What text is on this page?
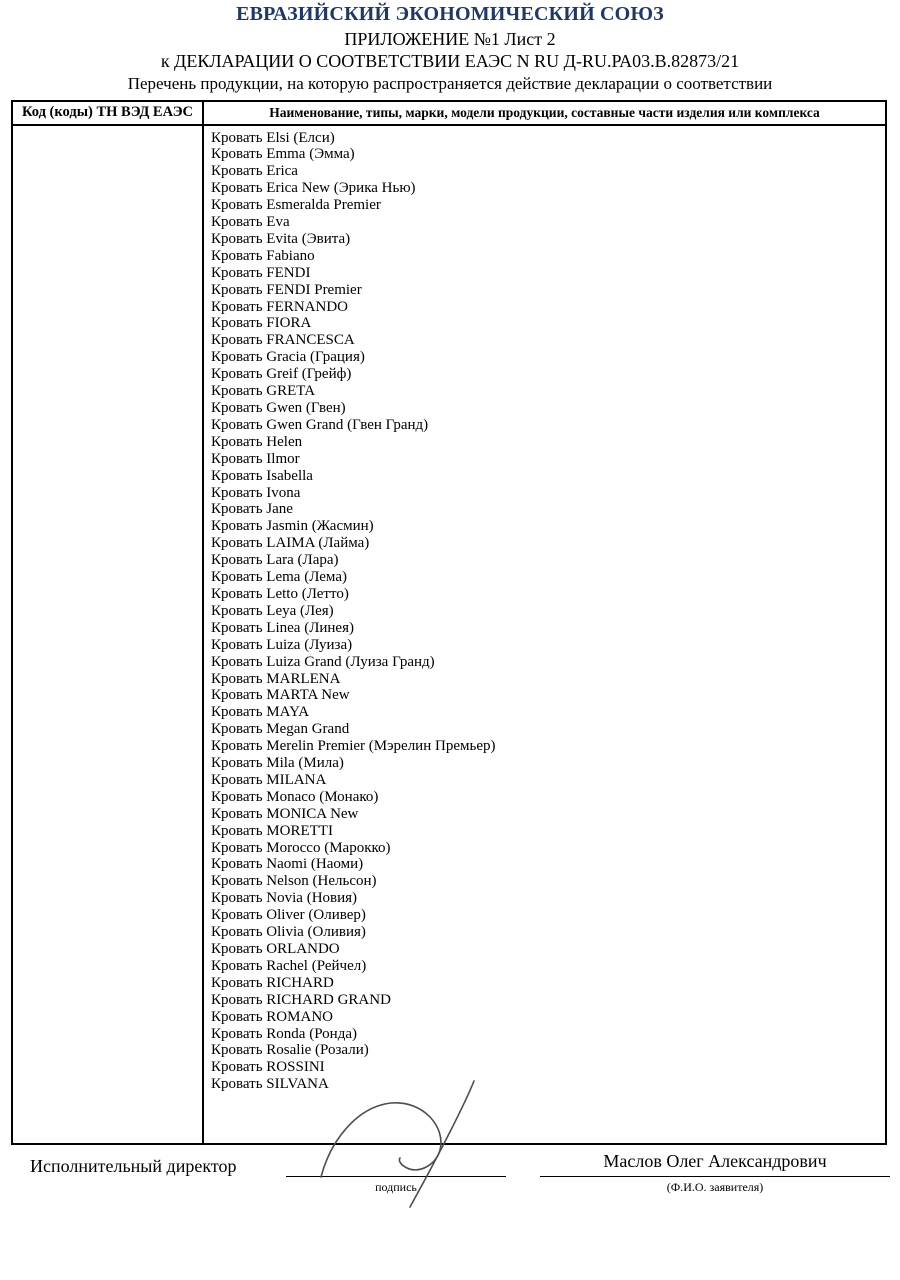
ЕВРАЗИЙСКИЙ ЭКОНОМИЧЕСКИЙ СОЮЗ
ПРИЛОЖЕНИЕ №1 Лист 2
к ДЕКЛАРАЦИИ О СООТВЕТСТВИИ ЕАЭС N RU Д-RU.РА03.В.82873/21
Перечень продукции, на которую распространяется действие декларации о соответствии
Код (коды) ТН ВЭД ЕАЭС	Наименование, типы, марки, модели продукции, составные части изделия или комплекса
Кровать Elsi (Елси)
Кровать Emma (Эмма)
Кровать Erica
Кровать Erica New (Эрика Нью)
Кровать Esmeralda Premier
Кровать Eva
Кровать Evita (Эвита)
Кровать Fabiano
Кровать FENDI
Кровать FENDI Premier
Кровать FERNANDO
Кровать FIORA
Кровать FRANCESCA
Кровать Gracia (Грация)
Кровать Greif (Грейф)
Кровать GRETA
Кровать Gwen (Гвен)
Кровать Gwen Grand (Гвен Гранд)
Кровать Helen
Кровать Ilmor
Кровать Isabella
Кровать Ivona
Кровать Jane
Кровать Jasmin (Жасмин)
Кровать LAIMA (Лайма)
Кровать Lara (Лара)
Кровать Lema (Лема)
Кровать Letto (Летто)
Кровать Leya (Лея)
Кровать Linea (Линея)
Кровать Luiza (Луиза)
Кровать Luiza Grand (Луиза Гранд)
Кровать MARLENA
Кровать MARTA New
Кровать MAYA
Кровать Megan Grand
Кровать Merelin Premier (Мэрелин Премьер)
Кровать Mila (Мила)
Кровать MILANA
Кровать Monaco (Монако)
Кровать MONICA New
Кровать MORETTI
Кровать Morocco (Марокко)
Кровать Naomi (Наоми)
Кровать Nelson (Нельсон)
Кровать Novia (Новия)
Кровать Oliver (Оливер)
Кровать Olivia (Оливия)
Кровать ORLANDO
Кровать Rachel (Рейчел)
Кровать RICHARD
Кровать RICHARD GRAND
Кровать ROMANO
Кровать Ronda (Ронда)
Кровать Rosalie (Розали)
Кровать ROSSINI
Кровать SILVANA
Исполнительный директор
подпись
Маслов Олег Александрович
(Ф.И.О. заявителя)
